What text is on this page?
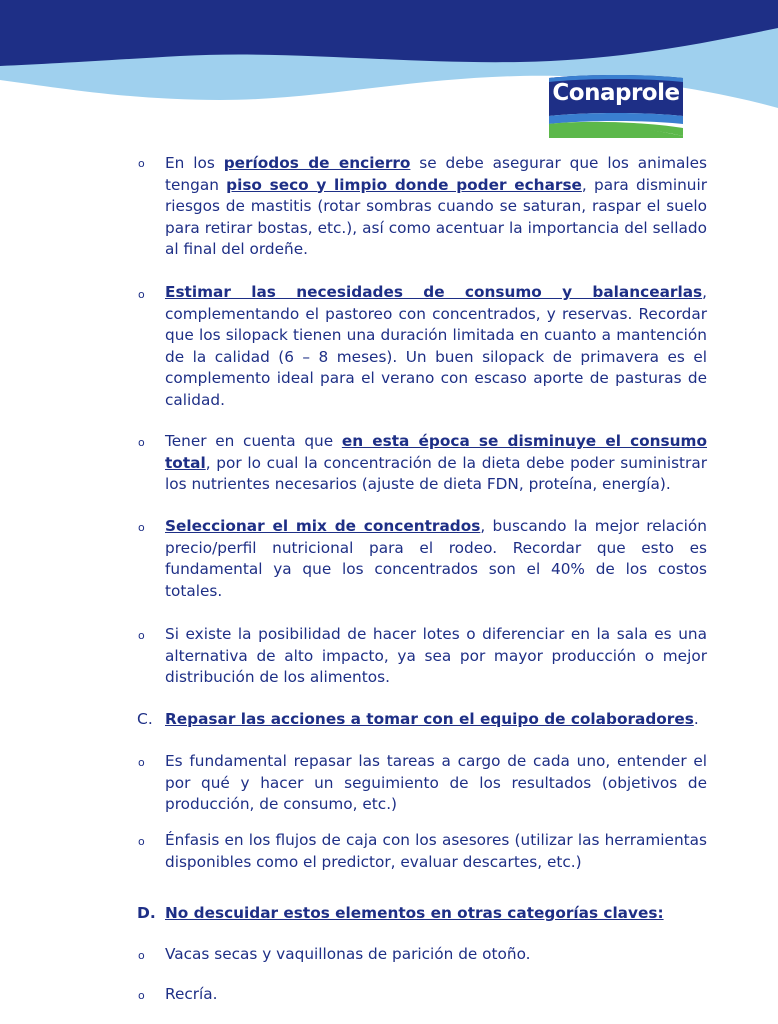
Conaprole
o	En los períodos de encierro se debe asegurar que los animales tengan piso seco y limpio donde poder echarse, para disminuir riesgos de mastitis (rotar sombras cuando se saturan, raspar el suelo para retirar bostas, etc.), así como acentuar la importancia del sellado al final del ordeñe.

o	Estimar las necesidades de consumo y balancearlas, complementando el pastoreo con concentrados, y reservas. Recordar que los silopack tienen una duración limitada en cuanto a mantención de la calidad (6 – 8 meses). Un buen silopack de primavera es el complemento ideal para el verano con escaso aporte de pasturas de calidad.

o	Tener en cuenta que en esta época se disminuye el consumo total, por lo cual la concentración de la dieta debe poder suministrar los nutrientes necesarios (ajuste de dieta FDN, proteína, energía).

o	Seleccionar el mix de concentrados, buscando la mejor relación precio/perfil nutricional para el rodeo. Recordar que esto es fundamental ya que los concentrados son el 40% de los costos totales.

o	Si existe la posibilidad de hacer lotes o diferenciar en la sala es una alternativa de alto impacto, ya sea por mayor producción o mejor distribución de los alimentos.

C. Repasar las acciones a tomar con el equipo de colaboradores.

o	Es fundamental repasar las tareas a cargo de cada uno, entender el por qué y hacer un seguimiento de los resultados (objetivos de producción, de consumo, etc.)

o	Énfasis en los flujos de caja con los asesores (utilizar las herramientas disponibles como el predictor, evaluar descartes, etc.)

D. No descuidar estos elementos en otras categorías claves:

o	Vacas secas y vaquillonas de parición de otoño.

o	Recría.
